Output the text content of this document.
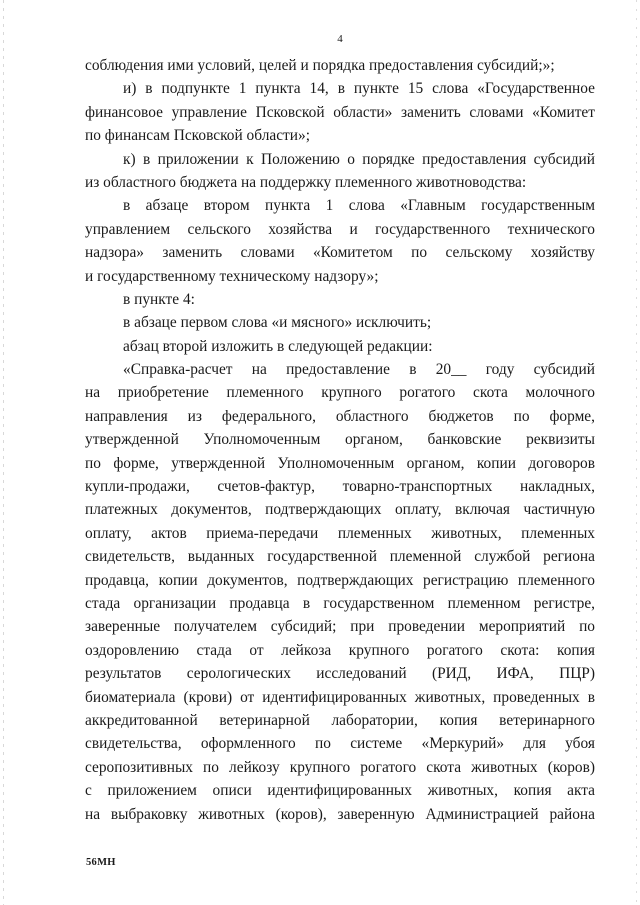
4
соблюдения ими условий, целей и порядка предоставления субсидий;»;
и) в подпункте 1 пункта 14, в пункте 15 слова «Государственное
финансовое управление Псковской области» заменить словами «Комитет
по финансам Псковской области»;
к) в приложении к Положению о порядке предоставления субсидий
из областного бюджета на поддержку племенного животноводства:
в абзаце втором пункта 1 слова «Главным государственным
управлением сельского хозяйства и государственного технического
надзора» заменить словами «Комитетом по сельскому хозяйству
и государственному техническому надзору»;
в пункте 4:
в абзаце первом слова «и мясного» исключить;
абзац второй изложить в следующей редакции:
«Справка-расчет на предоставление в 20__ году субсидий
на приобретение племенного крупного рогатого скота молочного
направления из федерального, областного бюджетов по форме,
утвержденной Уполномоченным органом, банковские реквизиты
по форме, утвержденной Уполномоченным органом, копии договоров
купли-продажи, счетов-фактур, товарно-транспортных накладных,
платежных документов, подтверждающих оплату, включая частичную
оплату, актов приема-передачи племенных животных, племенных
свидетельств, выданных государственной племенной службой региона
продавца, копии документов, подтверждающих регистрацию племенного
стада организации продавца в государственном племенном регистре,
заверенные получателем субсидий; при проведении мероприятий по
оздоровлению стада от лейкоза крупного рогатого скота: копия
результатов серологических исследований (РИД, ИФА, ПЦР)
биоматериала (крови) от идентифицированных животных, проведенных в
аккредитованной ветеринарной лаборатории, копия ветеринарного
свидетельства, оформленного по системе «Меркурий» для убоя
серопозитивных по лейкозу крупного рогатого скота животных (коров)
с приложением описи идентифицированных животных, копия акта
на выбраковку животных (коров), заверенную Администрацией района
56МН
